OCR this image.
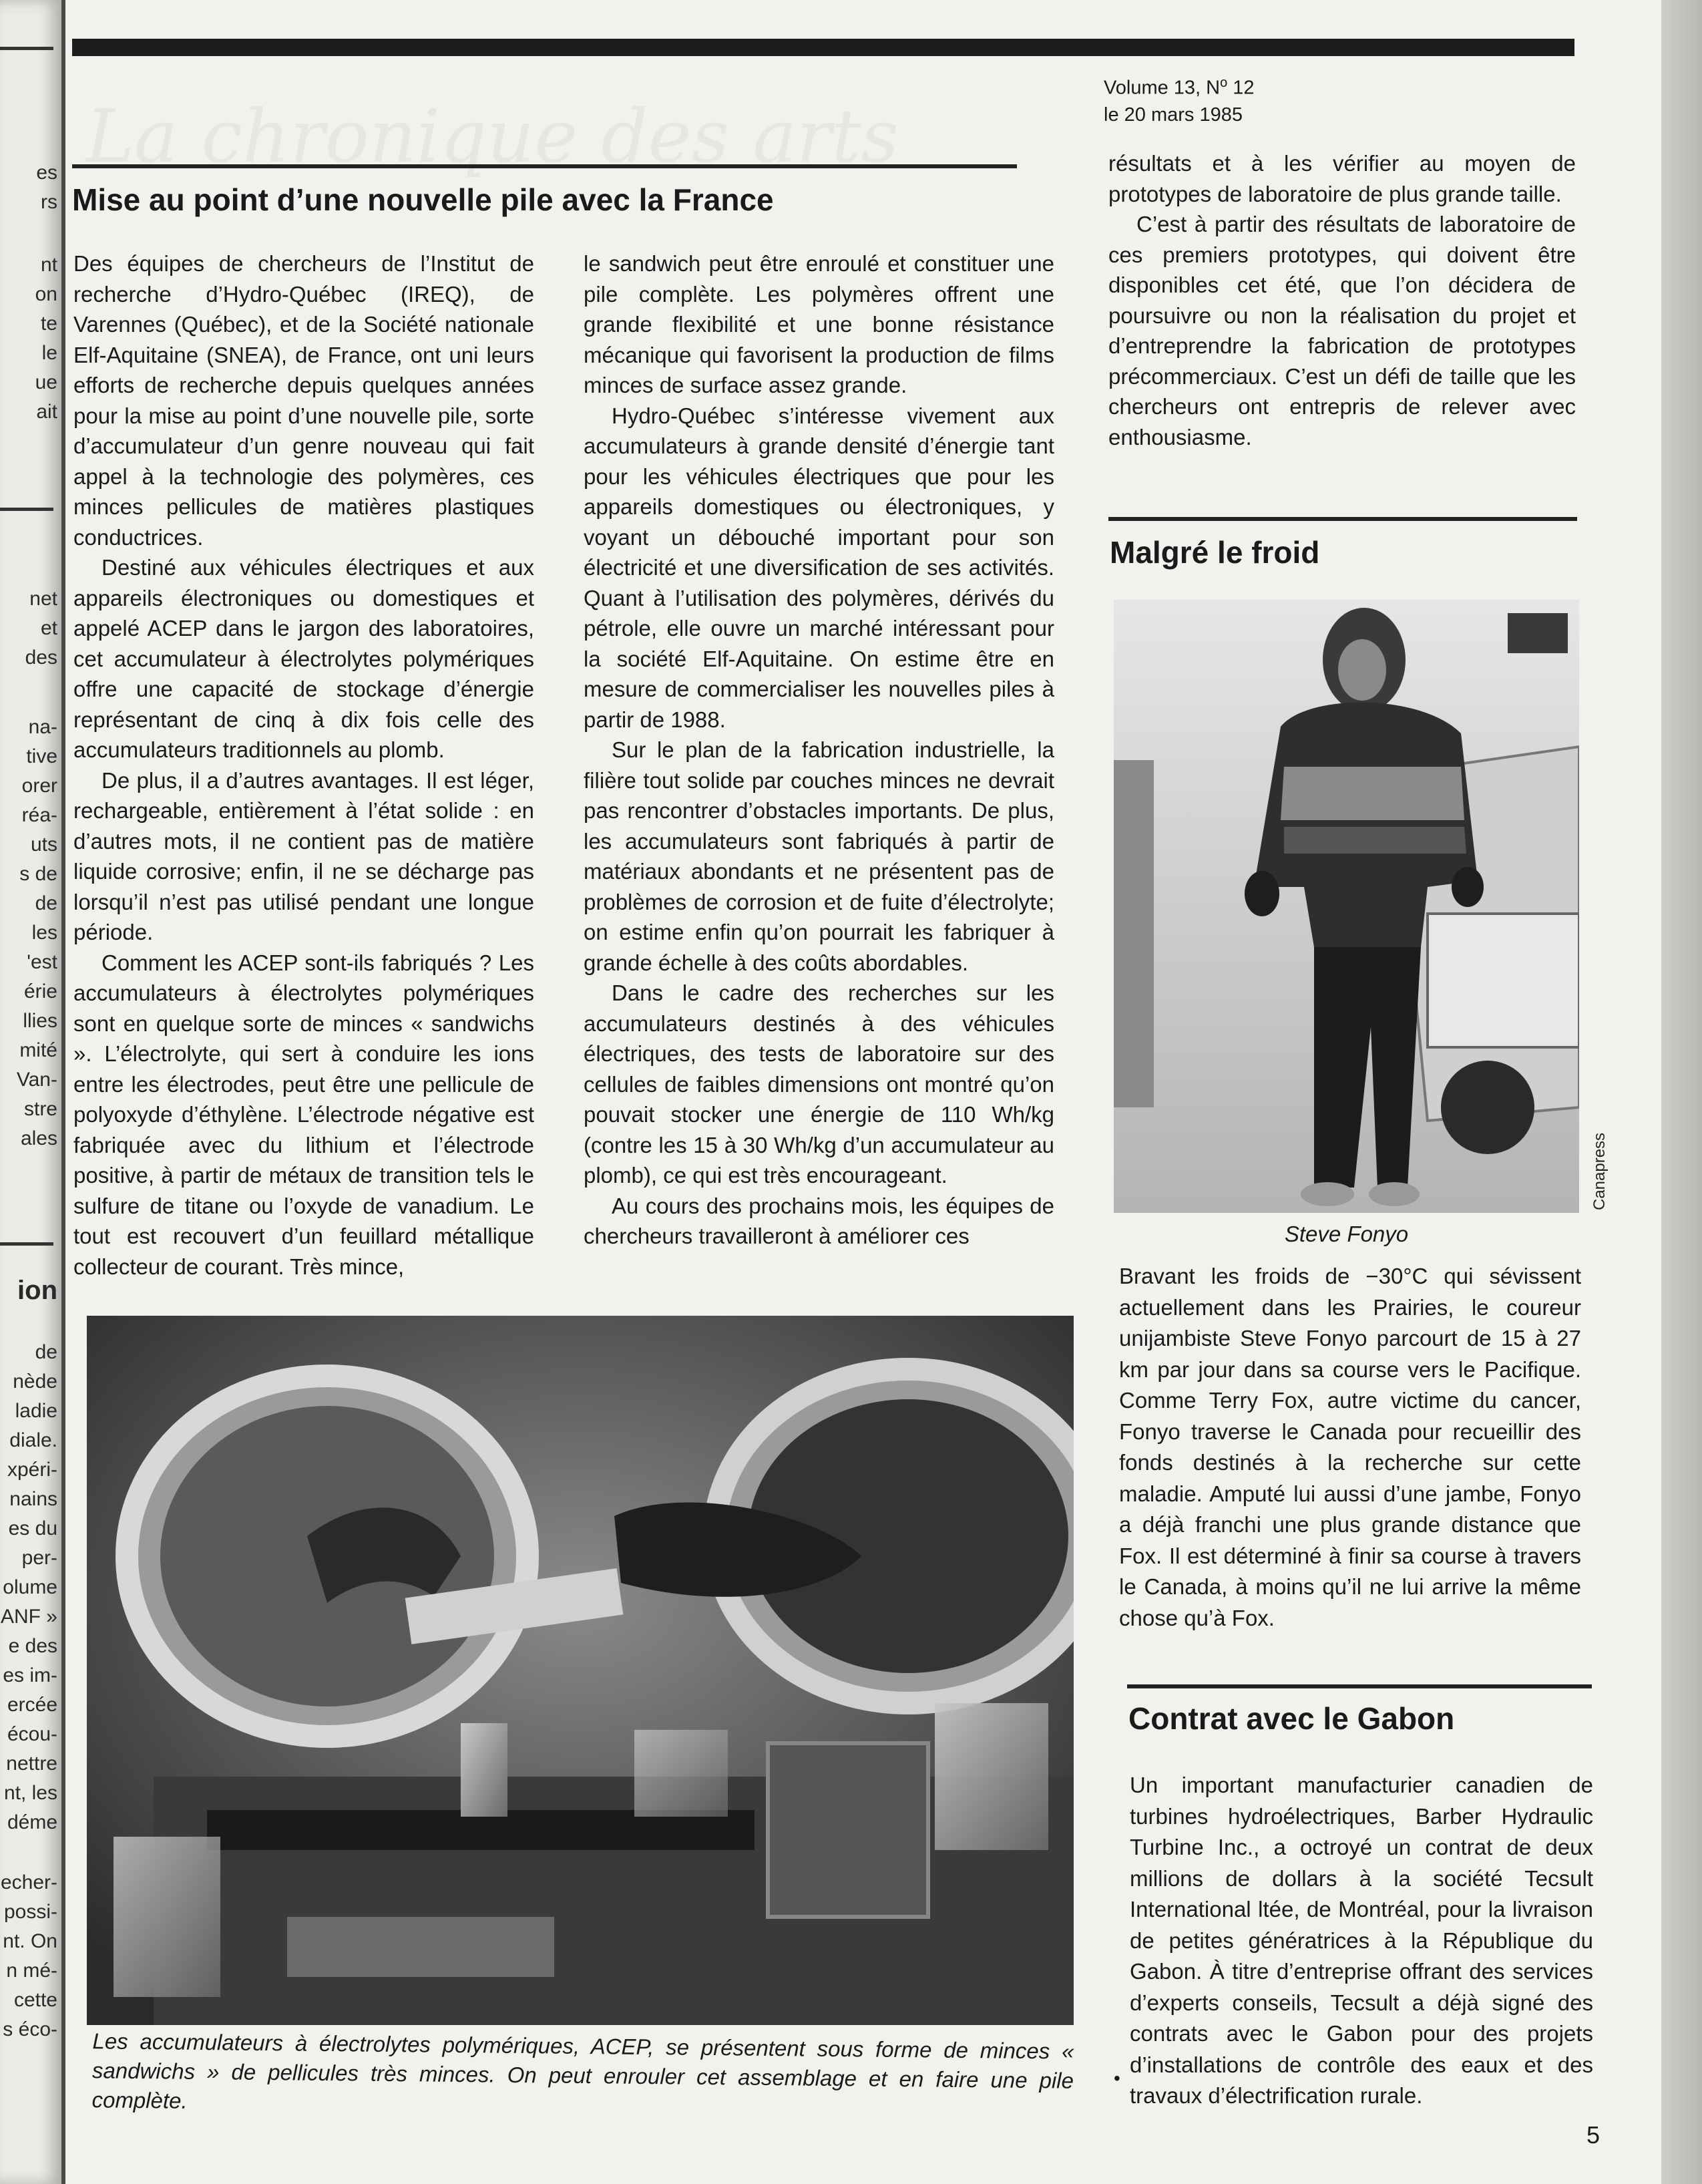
es
rs
nt
on
te
le
ue
ait
net
et
des
na-
tive
orer
réa-
uts
s de
de
les
'est
érie
llies
mité
Van-
stre
ales
ion
de
nède
ladie
diale.
xpéri-
nains
es du
per-
olume
ANF »
e des
es im-
ercée
écou-
nettre
nt, les
déme
echer-
possi-
nt. On
n mé-
cette
s éco-
Volume 13, $N^o$ 12
le 20 mars 1985
Mise au point d’une nouvelle pile avec la France

Des équipes de chercheurs de l’Institut de recherche d’Hydro-Québec (IREQ), de Varennes (Québec), et de la Société nationale Elf-Aquitaine (SNEA), de France, ont uni leurs efforts de recherche depuis quelques années pour la mise au point d’une nouvelle pile, sorte d’accumulateur d’un genre nouveau qui fait appel à la technologie des polymères, ces minces pellicules de matières plastiques conductrices.

Destiné aux véhicules électriques et aux appareils électroniques ou domestiques et appelé ACEP dans le jargon des laboratoires, cet accumulateur à électrolytes polymériques offre une capacité de stockage d’énergie représentant de cinq à dix fois celle des accumulateurs traditionnels au plomb.

De plus, il a d’autres avantages. Il est léger, rechargeable, entièrement à l’état solide : en d’autres mots, il ne contient pas de matière liquide corrosive; enfin, il ne se décharge pas lorsqu’il n’est pas utilisé pendant une longue période.

Comment les ACEP sont-ils fabriqués ? Les accumulateurs à électrolytes polymériques sont en quelque sorte de minces « sandwichs ». L’électrolyte, qui sert à conduire les ions entre les électrodes, peut être une pellicule de polyoxyde d’éthylène. L’électrode négative est fabriquée avec du lithium et l’électrode positive, à partir de métaux de transition tels le sulfure de titane ou l’oxyde de vanadium. Le tout est recouvert d’un feuillard métallique collecteur de courant. Très mince,

le sandwich peut être enroulé et constituer une pile complète. Les polymères offrent une grande flexibilité et une bonne résistance mécanique qui favorisent la production de films minces de surface assez grande.

Hydro-Québec s’intéresse vivement aux accumulateurs à grande densité d’énergie tant pour les véhicules électriques que pour les appareils domestiques ou électroniques, y voyant un débouché important pour son électricité et une diversification de ses activités. Quant à l’utilisation des polymères, dérivés du pétrole, elle ouvre un marché intéressant pour la société Elf-Aquitaine. On estime être en mesure de commercialiser les nouvelles piles à partir de 1988.

Sur le plan de la fabrication industrielle, la filière tout solide par couches minces ne devrait pas rencontrer d’obstacles importants. De plus, les accumulateurs sont fabriqués à partir de matériaux abondants et ne présentent pas de problèmes de corrosion et de fuite d’électrolyte; on estime enfin qu’on pourrait les fabriquer à grande échelle à des coûts abordables.

Dans le cadre des recherches sur les accumulateurs destinés à des véhicules électriques, des tests de laboratoire sur des cellules de faibles dimensions ont montré qu’on pouvait stocker une énergie de 110 Wh/kg (contre les 15 à 30 Wh/kg d’un accumulateur au plomb), ce qui est très encourageant.

Au cours des prochains mois, les équipes de chercheurs travailleront à améliorer ces

résultats et à les vérifier au moyen de prototypes de laboratoire de plus grande taille.

C’est à partir des résultats de laboratoire de ces premiers prototypes, qui doivent être disponibles cet été, que l’on décidera de poursuivre ou non la réalisation du projet et d’entreprendre la fabrication de prototypes précommerciaux. C’est un défi de taille que les chercheurs ont entrepris de relever avec enthousiasme.

Les accumulateurs à électrolytes polymériques, ACEP, se présentent sous forme de minces « sandwichs » de pellicules très minces. On peut enrouler cet assemblage et en faire une pile complète.
Malgré le froid
Canapress
Steve Fonyo

Bravant les froids de −30°C qui sévissent actuellement dans les Prairies, le coureur unijambiste Steve Fonyo parcourt de 15 à 27 km par jour dans sa course vers le Pacifique. Comme Terry Fox, autre victime du cancer, Fonyo traverse le Canada pour recueillir des fonds destinés à la recherche sur cette maladie. Amputé lui aussi d’une jambe, Fonyo a déjà franchi une plus grande distance que Fox. Il est déterminé à finir sa course à travers le Canada, à moins qu’il ne lui arrive la même chose qu’à Fox.

Contrat avec le Gabon

Un important manufacturier canadien de turbines hydroélectriques, Barber Hydraulic Turbine Inc., a octroyé un contrat de deux millions de dollars à la société Tecsult International ltée, de Montréal, pour la livraison de petites génératrices à la République du Gabon. À titre d’entreprise offrant des services d’experts conseils, Tecsult a déjà signé des contrats avec le Gabon pour des projets d’installations de contrôle des eaux et des travaux d’électrification rurale.

•
5
